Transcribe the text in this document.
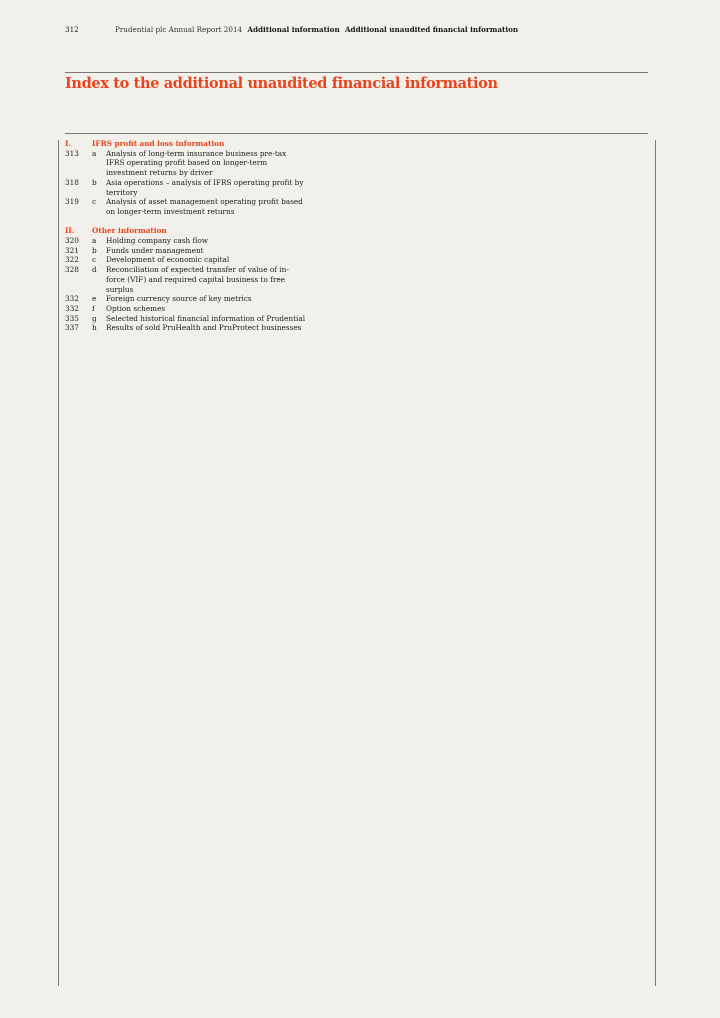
312	Prudential plc Annual Report 2014 Additional information Additional unaudited financial information
Index to the additional unaudited financial information
I.	IFRS profit and loss information
313	a	Analysis of long-term insurance business pre-tax IFRS operating profit based on longer-term investment returns by driver
318	b	Asia operations – analysis of IFRS operating profit by territory
319	c	Analysis of asset management operating profit based on longer-term investment returns
II.	Other information
320	a	Holding company cash flow
321	b	Funds under management
322	c	Development of economic capital
328	d	Reconciliation of expected transfer of value of in-force (VIF) and required capital business to free surplus
332	e	Foreign currency source of key metrics
332	f	Option schemes
335	g	Selected historical financial information of Prudential
337	h	Results of sold PruHealth and PruProtect businesses
